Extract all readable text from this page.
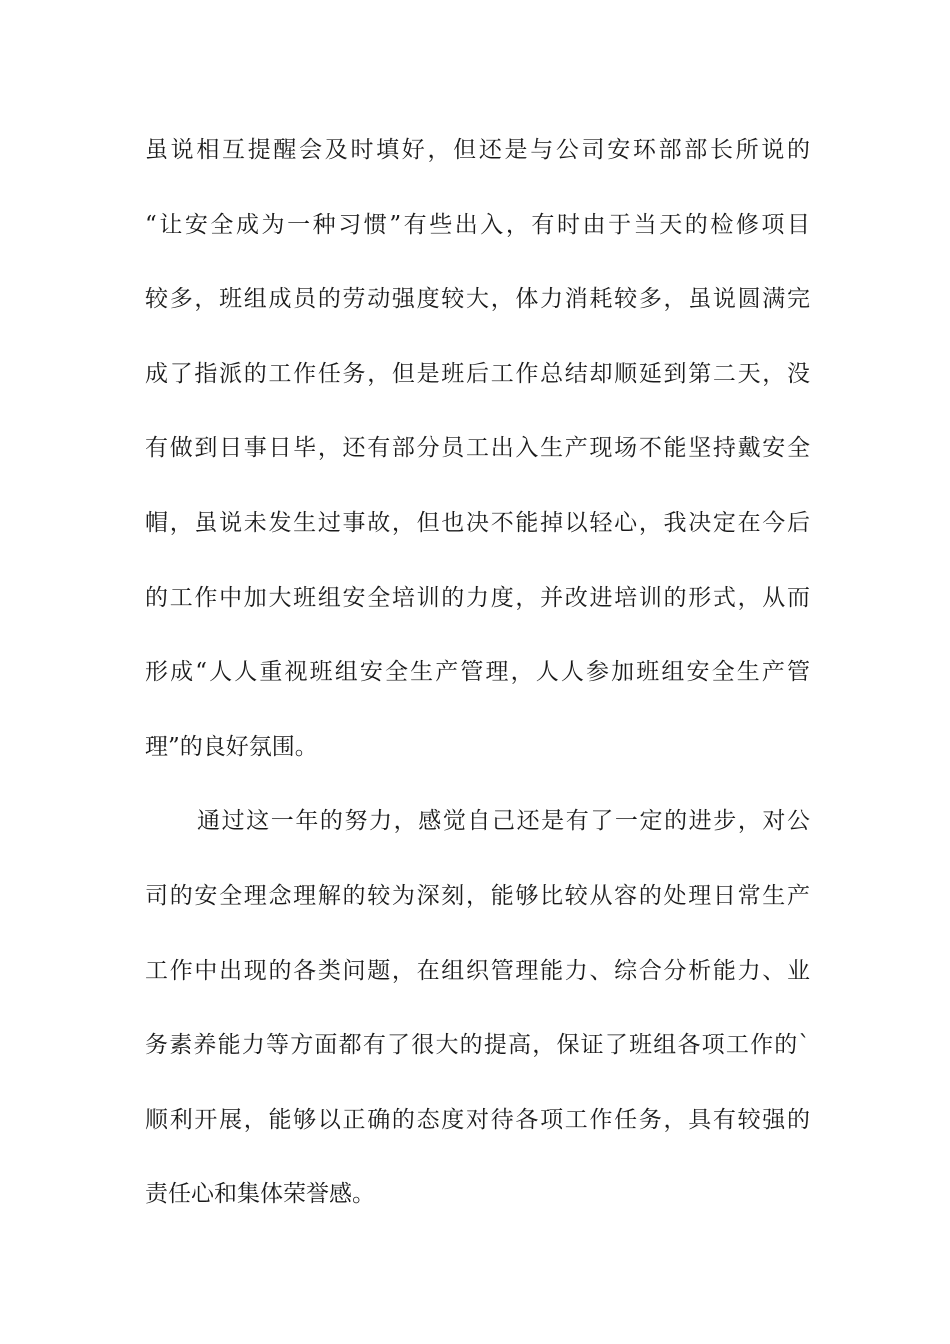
虽说相互提醒会及时填好，但还是与公司安环部部长所说的
“让安全成为一种习惯”有些出入，有时由于当天的检修项目
较多，班组成员的劳动强度较大，体力消耗较多，虽说圆满完
成了指派的工作任务，但是班后工作总结却顺延到第二天，没
有做到日事日毕，还有部分员工出入生产现场不能坚持戴安全
帽，虽说未发生过事故，但也决不能掉以轻心，我决定在今后
的工作中加大班组安全培训的力度，并改进培训的形式，从而
形成“人人重视班组安全生产管理，人人参加班组安全生产管
理”的良好氛围。
通过这一年的努力，感觉自己还是有了一定的进步，对公
司的安全理念理解的较为深刻，能够比较从容的处理日常生产
工作中出现的各类问题，在组织管理能力、综合分析能力、业
务素养能力等方面都有了很大的提高，保证了班组各项工作的`
顺利开展，能够以正确的态度对待各项工作任务，具有较强的
责任心和集体荣誉感。
